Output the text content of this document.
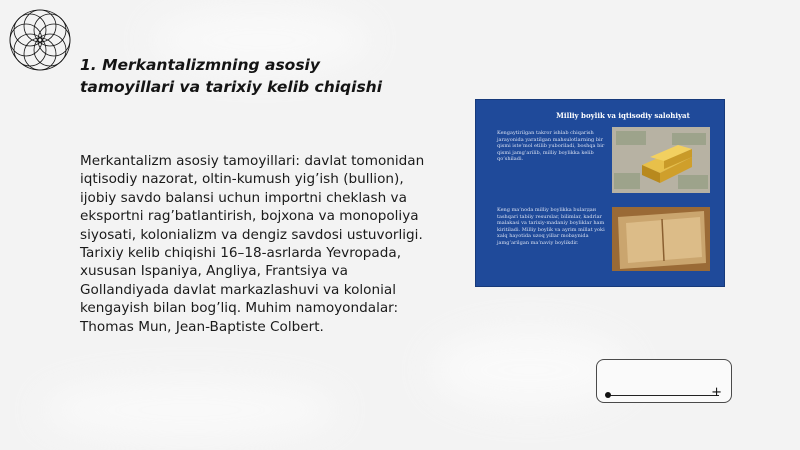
1. Merkantalizmning asosiy tamoyillari va tarixiy kelib chiqishi

Merkantalizm asosiy tamoyillari: davlat tomonidan iqtisodiy nazorat, oltin-kumush yig’ish (bullion), ijobiy savdo balansi uchun importni cheklash va eksportni rag’batlantirish, bojxona va monopoliya siyosati, kolonializm va dengiz savdosi ustuvorligi. Tarixiy kelib chiqishi 16–18-asrlarda Yevropada, xususan Ispaniya, Angliya, Frantsiya va Gollandiyada davlat markazlashuvi va kolonial kengayish bilan bog’liq. Muhim namoyondalar: Thomas Mun, Jean-Baptiste Colbert.

Milliy boylik va iqtisodiy salohiyat
Kengaytirilgan takror ishlab chiqarish jarayonida yaratilgan mahsulotlarning bir qismi iste’mol etilib yuboriladi, boshqa bir qismi jamg’arilib, milliy boylikka kelib qo’shiladi.
Keng ma’noda milliy boylikka bularдан tashqari tabiiy resurslar, bilimlar, kadrlar malakasi va tarixiy-madaniy boyliklar ham kiritiladi. Milliy boylik va ayrim millat yoki xalq hayotida uzoq yillar mobaynida jamg’arilgan ma’naviy boylikdir.
+
